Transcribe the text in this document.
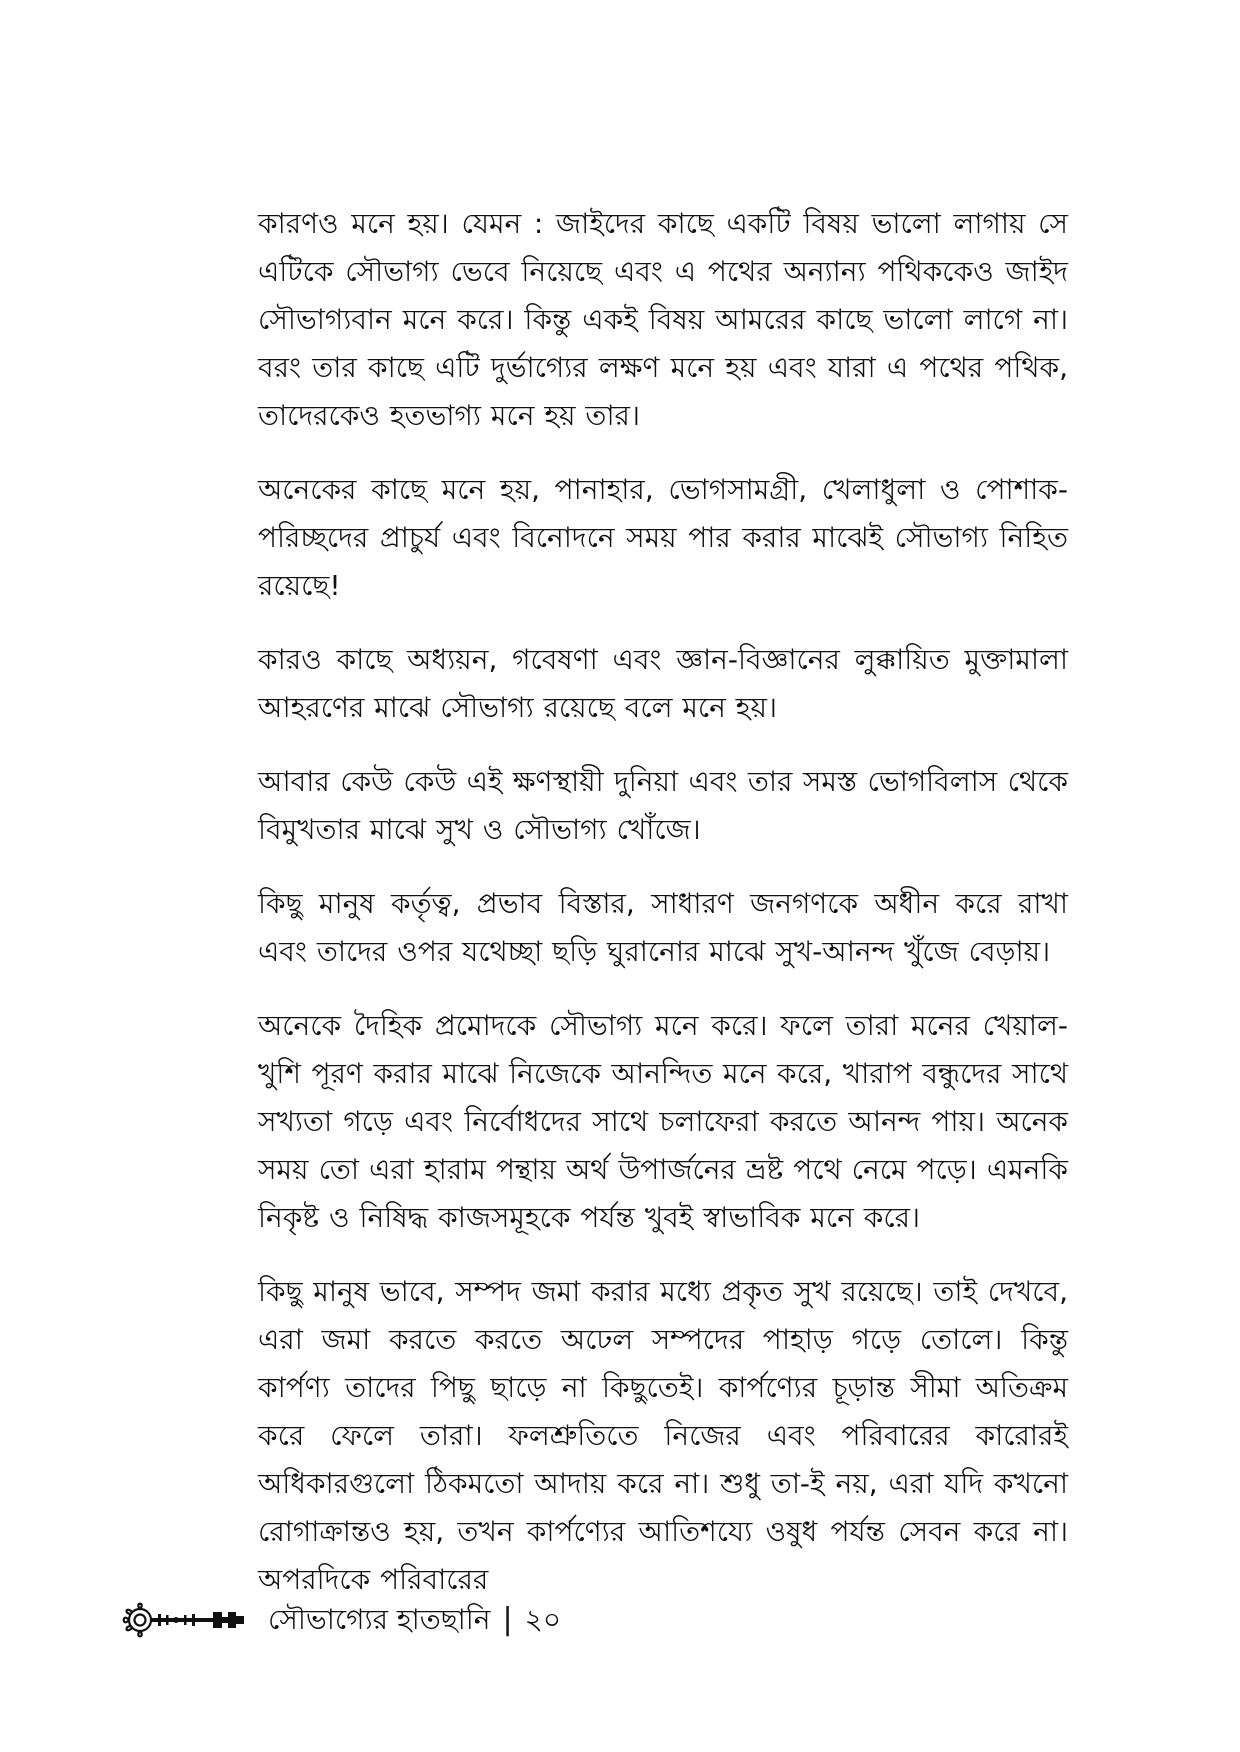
কারণও মনে হয়। যেমন : জাইদের কাছে একটি বিষয় ভালো লাগায় সে এটিকে সৌভাগ্য ভেবে নিয়েছে এবং এ পথের অন্যান্য পথিককেও জাইদ সৌভাগ্যবান মনে করে। কিন্তু একই বিষয় আমরের কাছে ভালো লাগে না। বরং তার কাছে এটি দুর্ভাগ্যের লক্ষণ মনে হয় এবং যারা এ পথের পথিক, তাদেরকেও হতভাগ্য মনে হয় তার।

অনেকের কাছে মনে হয়, পানাহার, ভোগসামগ্রী, খেলাধুলা ও পোশাক-পরিচ্ছদের প্রাচুর্য এবং বিনোদনে সময় পার করার মাঝেই সৌভাগ্য নিহিত রয়েছে!

কারও কাছে অধ্যয়ন, গবেষণা এবং জ্ঞান-বিজ্ঞানের লুক্কায়িত মুক্তামালা আহরণের মাঝে সৌভাগ্য রয়েছে বলে মনে হয়।

আবার কেউ কেউ এই ক্ষণস্থায়ী দুনিয়া এবং তার সমস্ত ভোগবিলাস থেকে বিমুখতার মাঝে সুখ ও সৌভাগ্য খোঁজে।

কিছু মানুষ কর্তৃত্ব, প্রভাব বিস্তার, সাধারণ জনগণকে অধীন করে রাখা এবং তাদের ওপর যথেচ্ছা ছড়ি ঘুরানোর মাঝে সুখ-আনন্দ খুঁজে বেড়ায়।

অনেকে দৈহিক প্রমোদকে সৌভাগ্য মনে করে। ফলে তারা মনের খেয়াল-খুশি পূরণ করার মাঝে নিজেকে আনন্দিত মনে করে, খারাপ বন্ধুদের সাথে সখ্যতা গড়ে এবং নির্বোধদের সাথে চলাফেরা করতে আনন্দ পায়। অনেক সময় তো এরা হারাম পন্থায় অর্থ উপার্জনের ভ্রষ্ট পথে নেমে পড়ে। এমনকি নিকৃষ্ট ও নিষিদ্ধ কাজসমূহকে পর্যন্ত খুবই স্বাভাবিক মনে করে।

কিছু মানুষ ভাবে, সম্পদ জমা করার মধ্যে প্রকৃত সুখ রয়েছে। তাই দেখবে, এরা জমা করতে করতে অঢেল সম্পদের পাহাড় গড়ে তোলে। কিন্তু কার্পণ্য তাদের পিছু ছাড়ে না কিছুতেই। কার্পণ্যের চূড়ান্ত সীমা অতিক্রম করে ফেলে তারা। ফলশ্রুতিতে নিজের এবং পরিবারের কারোরই অধিকারগুলো ঠিকমতো আদায় করে না। শুধু তা-ই নয়, এরা যদি কখনো রোগাক্রান্তও হয়, তখন কার্পণ্যের আতিশয্যে ওষুধ পর্যন্ত সেবন করে না। অপরদিকে পরিবারের

সৌভাগ্যের হাতছানি | ২০
